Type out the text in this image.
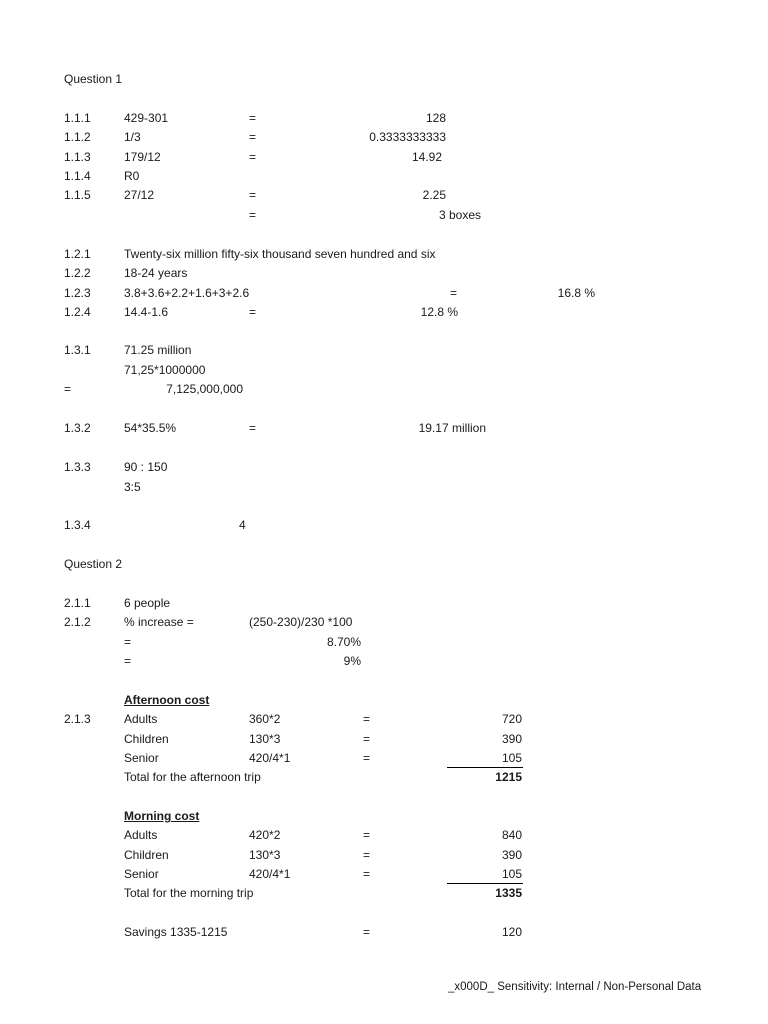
Question 1
1.1.1	429-301	=	128
1.1.2	1/3	=	0.3333333333
1.1.3	179/12	=	14.92
1.1.4	R0
1.1.5	27/12	=	2.25
=	3 boxes
1.2.1	Twenty-six million fifty-six thousand seven hundred and six
1.2.2	18-24 years
1.2.3	3.8+3.6+2.2+1.6+3+2.6	=	16.8 %
1.2.4	14.4-1.6	=	12.8 %
1.3.1	71.25 million
71,25*1000000
=	7,125,000,000
1.3.2	54*35.5%	=	19.17 million
1.3.3	90 : 150
3:5
1.3.4	4
Question 2
2.1.1	6 people
2.1.2	% increase =	(250-230)/230 *100
=	8.70%
=	9%
Afternoon cost
2.1.3	Adults	360*2	=	720
Children	130*3	=	390
Senior	420/4*1	=	105
Total for the afternoon trip	1215
Morning cost
Adults	420*2	=	840
Children	130*3	=	390
Senior	420/4*1	=	105
Total for the morning trip	1335
Savings 1335-1215	=	120
_x000D_ Sensitivity: Internal / Non-Personal Data
